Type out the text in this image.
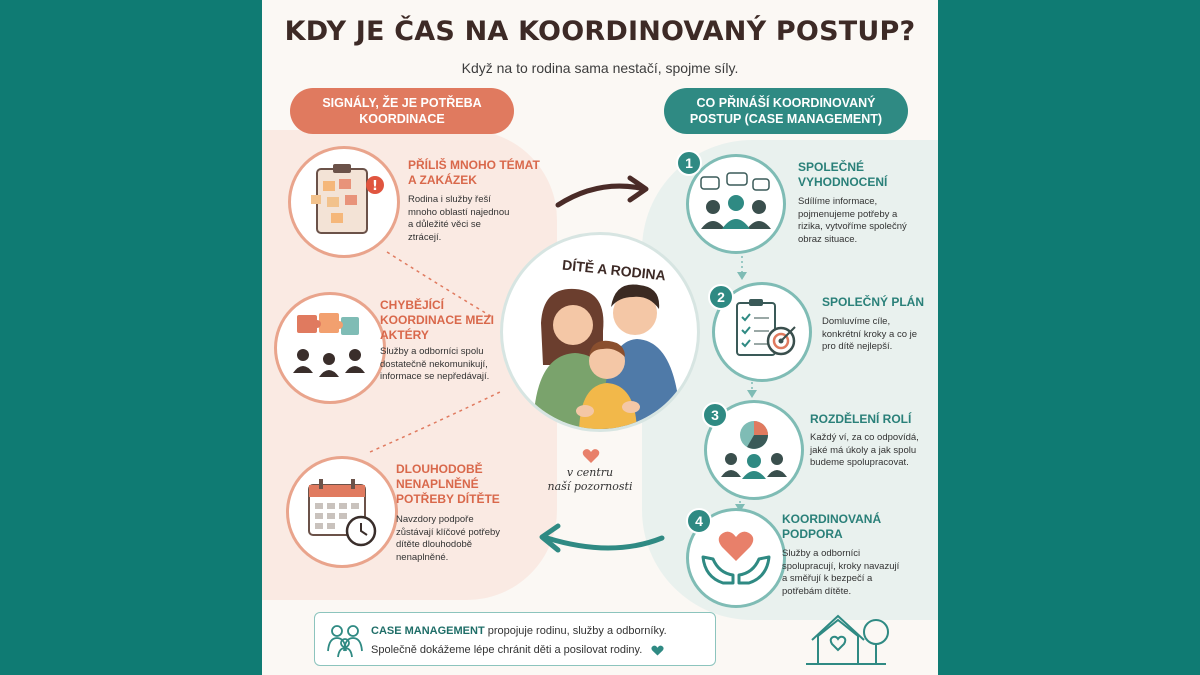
KDY JE ČAS NA KOORDINOVANÝ POSTUP?
Když na to rodina sama nestačí, spojme síly.
SIGNÁLY, ŽE JE POTŘEBA KOORDINACE
CO PŘINÁŠÍ KOORDINOVANÝ POSTUP (CASE MANAGEMENT)
!
PŘÍLIŠ MNOHO TÉMAT A ZAKÁZEK
Rodina i služby řeší mnoho oblastí najednou a důležité věci se ztrácejí.
CHYBĚJÍCÍ KOORDINACE MEZI AKTÉRY
Služby a odborníci spolu dostatečně nekomunikují, informace se nepředávají.
DLOUHODOBĚ NENAPLNĚNÉ POTŘEBY DÍTĚTE
Navzdory podpoře zůstávají klíčové potřeby dítěte dlouhodobě nenaplněné.
DÍTĚ A RODINA
v centru
naší pozornosti
1	SPOLEČNÉ VYHODNOCENÍ
Sdílíme informace, pojmenujeme potřeby a rizika, vytvoříme společný obraz situace.
2	SPOLEČNÝ PLÁN
Domluvíme cíle, konkrétní kroky a co je pro dítě nejlepší.
3	ROZDĚLENÍ ROLÍ
Každý ví, za co odpovídá, jaké má úkoly a jak spolu budeme spolupracovat.
4	KOORDINOVANÁ PODPORA
Služby a odborníci spolupracují, kroky navazují a směřují k bezpečí a potřebám dítěte.
CASE MANAGEMENT propojuje rodinu, služby a odborníky.
Společně dokážeme lépe chránit děti a posilovat rodiny.
